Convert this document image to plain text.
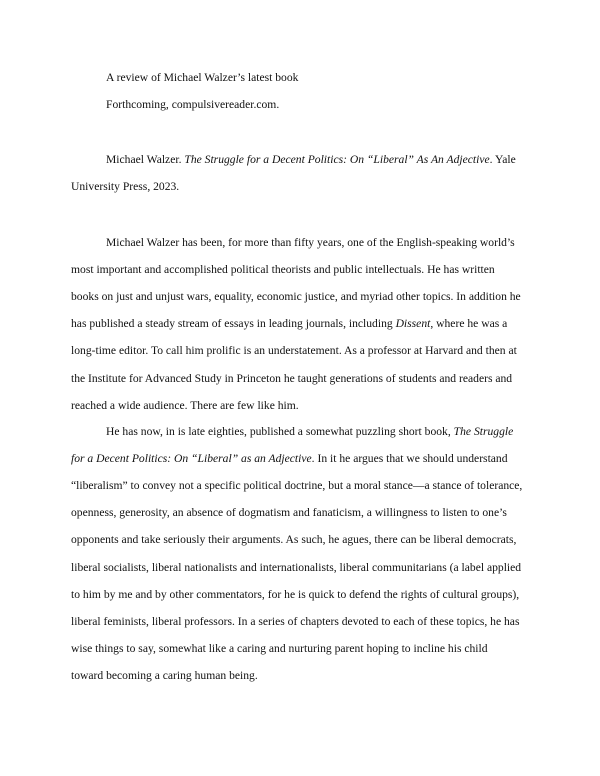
A review of Michael Walzer’s latest book
Forthcoming, compulsivereader.com.
Michael Walzer. The Struggle for a Decent Politics: On “Liberal” As An Adjective. Yale
University Press, 2023.
Michael Walzer has been, for more than fifty years, one of the English-speaking world’s
most important and accomplished political theorists and public intellectuals. He has written
books on just and unjust wars, equality, economic justice, and myriad other topics. In addition he
has published a steady stream of essays in leading journals, including Dissent, where he was a
long-time editor. To call him prolific is an understatement. As a professor at Harvard and then at
the Institute for Advanced Study in Princeton he taught generations of students and readers and
reached a wide audience. There are few like him.
He has now, in is late eighties, published a somewhat puzzling short book, The Struggle
for a Decent Politics: On “Liberal” as an Adjective. In it he argues that we should understand
“liberalism” to convey not a specific political doctrine, but a moral stance—a stance of tolerance,
openness, generosity, an absence of dogmatism and fanaticism, a willingness to listen to one’s
opponents and take seriously their arguments. As such, he agues, there can be liberal democrats,
liberal socialists, liberal nationalists and internationalists, liberal communitarians (a label applied
to him by me and by other commentators, for he is quick to defend the rights of cultural groups),
liberal feminists, liberal professors. In a series of chapters devoted to each of these topics, he has
wise things to say, somewhat like a caring and nurturing parent hoping to incline his child
toward becoming a caring human being.
